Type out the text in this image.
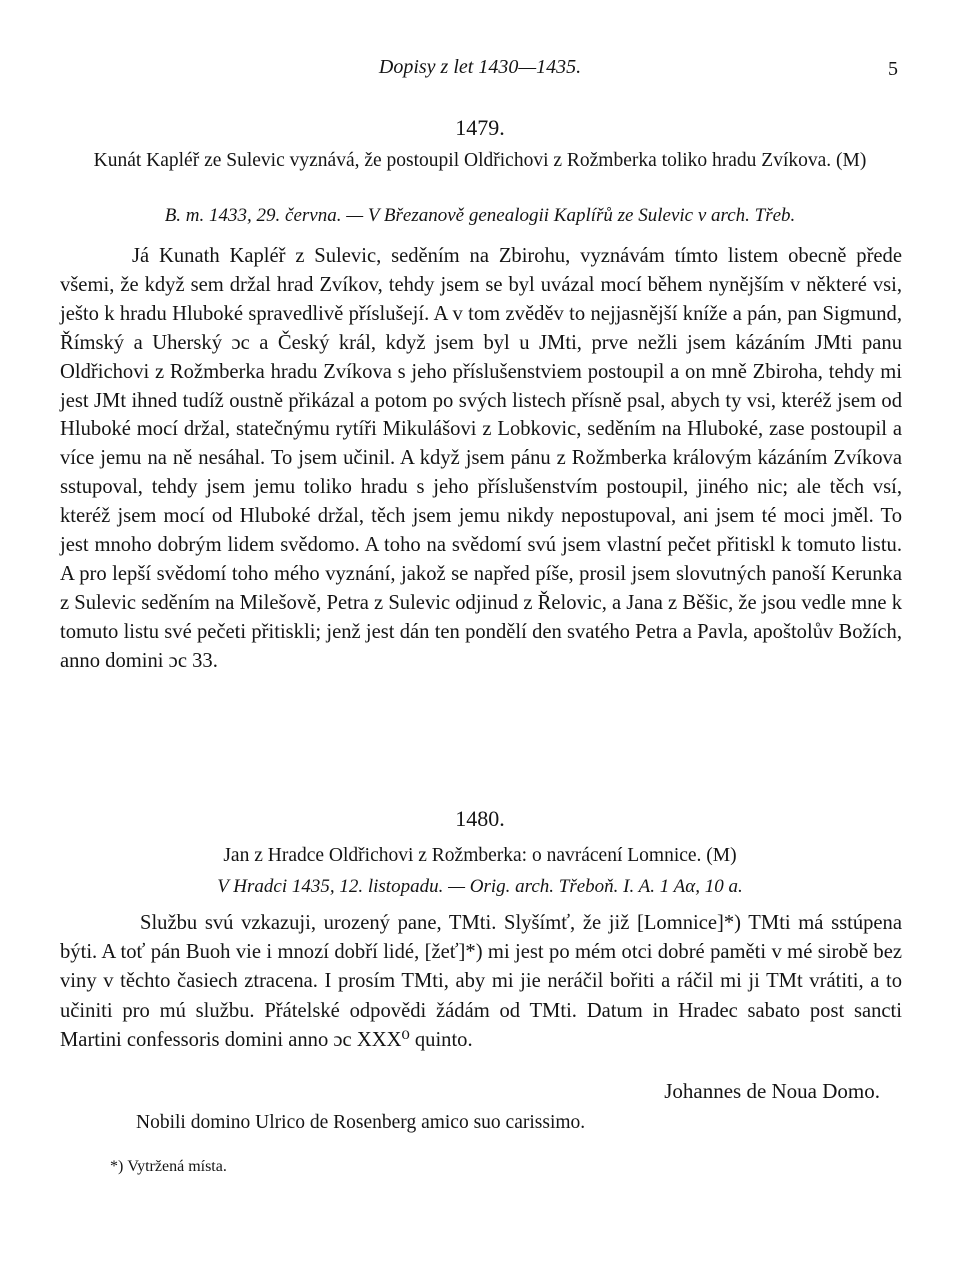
Dopisy z let 1430—1435.	5
1479.
Kunát Kapléř ze Sulevic vyznává, že postoupil Oldřichovi z Rožmberka toliko hradu Zvíkova. (M)
B. m. 1433, 29. června. — V Březanově genealogii Kaplířů ze Sulevic v arch. Třeb.

Já Kunath Kapléř z Sulevic, seděním na Zbirohu, vyznávám tímto listem obecně přede všemi, že když sem držal hrad Zvíkov, tehdy jsem se byl uvázal mocí během nynějším v některé vsi, ješto k hradu Hluboké spravedlivě příslušejí. A v tom zvěděv to nejjasnější kníže a pán, pan Sigmund, Římský a Uherský ɔc a Český král, když jsem byl u JMti, prve nežli jsem kázáním JMti panu Oldřichovi z Rožmberka hradu Zvíkova s jeho příslušenstviem postoupil a on mně Zbiroha, tehdy mi jest JMt ihned tudíž oustně přikázal a potom po svých listech přísně psal, abych ty vsi, kteréž jsem od Hluboké mocí držal, statečnýmu rytíři Mikulášovi z Lobkovic, seděním na Hluboké, zase postoupil a více jemu na ně nesáhal. To jsem učinil. A když jsem pánu z Rožmberka královým kázáním Zvíkova sstupoval, tehdy jsem jemu toliko hradu s jeho příslušenstvím postoupil, jiného nic; ale těch vsí, kteréž jsem mocí od Hluboké držal, těch jsem jemu nikdy nepostupoval, ani jsem té moci jměl. To jest mnoho dobrým lidem svědomo. A toho na svědomí svú jsem vlastní pečet přitiskl k tomuto listu. A pro lepší svědomí toho mého vyznání, jakož se napřed píše, prosil jsem slovutných panoší Kerunka z Sulevic seděním na Milešově, Petra z Sulevic odjinud z Řelovic, a Jana z Běšic, že jsou vedle mne k tomuto listu své pečeti přitiskli; jenž jest dán ten pondělí den svatého Petra a Pavla, apoštolův Božích, anno domini ɔc 33.

1480.
Jan z Hradce Oldřichovi z Rožmberka: o navrácení Lomnice. (M)
V Hradci 1435, 12. listopadu. — Orig. arch. Třeboň. I. A. 1 Aα, 10 a.

Službu svú vzkazuji, urozený pane, TMti. Slyšímť, že již [Lomnice]*) TMti má sstúpena býti. A toť pán Buoh vie i mnozí dobří lidé, [žeť]*) mi jest po mém otci dobré paměti v mé sirobě bez viny v těchto časiech ztracena. I prosím TMti, aby mi jie neráčil bořiti a ráčil mi ji TMt vrátiti, a to učiniti pro mú službu. Přátelské odpovědi žádám od TMti. Datum in Hradec sabato post sancti Martini confessoris domini anno ɔc XXX⁰ quinto.

Johannes de Noua Domo.
Nobili domino Ulrico de Rosenberg amico suo carissimo.
*) Vytržená místa.
